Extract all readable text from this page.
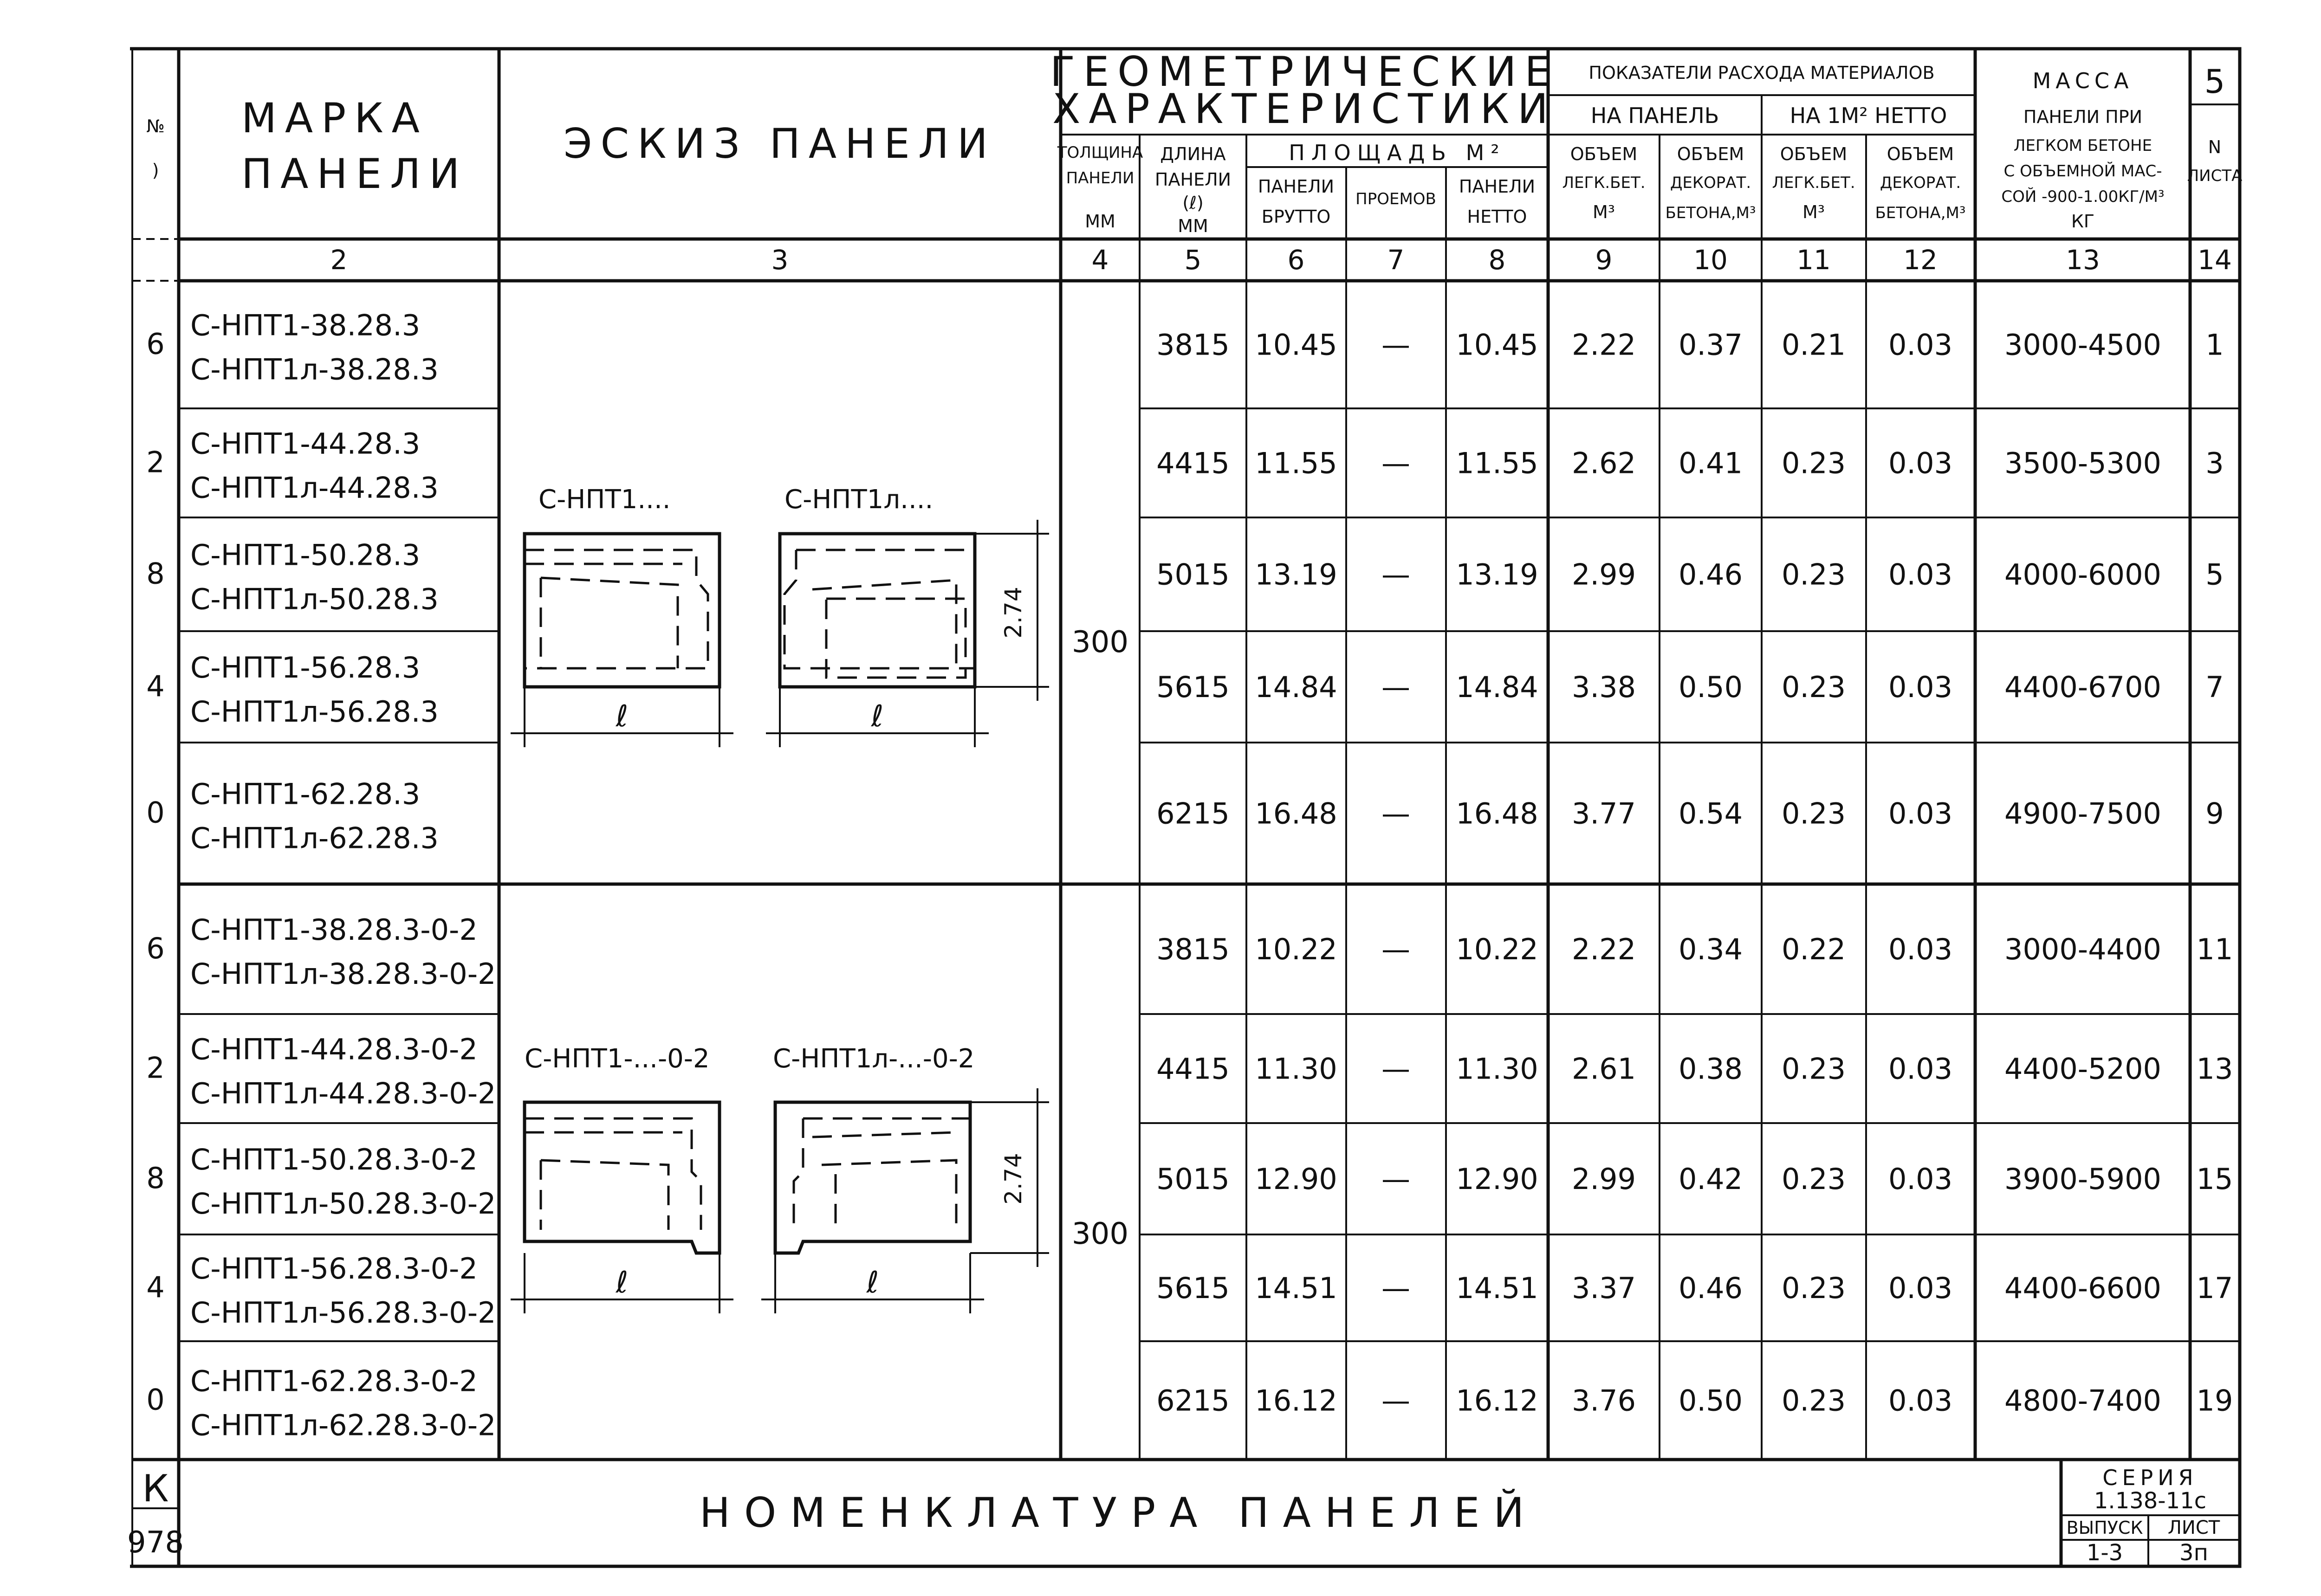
МАРКА
ПАНЕЛИ
ЭСКИЗ ПАНЕЛИ
ГЕОМЕТРИЧЕСКИЕ
ХАРАКТЕРИСТИКИ
ТОЛЩИНА
ПАНЕЛИ
ММ
ДЛИНА
ПАНЕЛИ
(ℓ)
ММ
ПЛОЩАДЬ М²
ПАНЕЛИ
БРУТТО
ПРОЕМОВ
ПАНЕЛИ
НЕТТО
ПОКАЗАТЕЛИ РАСХОДА МАТЕРИАЛОВ
НА ПАНЕЛЬ	НА 1М² НЕТТО
ОБЪЕМ
ЛЕГК.БЕТ.
М³
ОБЪЕМ
ДЕКОРАТ.
БЕТОНА,М³
ОБЪЕМ
ЛЕГК.БЕТ.
М³
ОБЪЕМ
ДЕКОРАТ.
БЕТОНА,М³
МАССА
ПАНЕЛИ ПРИ
ЛЕГКОМ БЕТОНЕ
С ОБЪЕМНОЙ МАС-
СОЙ -900-1.00КГ/М³
КГ
5
N
ЛИСТА
2	3	4	5	6	7	8	9	10	11	12	13	14
№
)
К
978
6
2
8
4
0
6
2
8
4
0
С-НПТ1-38.28.3
С-НПТ1л-38.28.3
3815 10.45 — 10.45 2.22 0.37 0.21 0.03 3000-4500 1
С-НПТ1-44.28.3
С-НПТ1л-44.28.3
4415 11.55 — 11.55 2.62 0.41 0.23 0.03 3500-5300 3
С-НПТ1-50.28.3
С-НПТ1л-50.28.3
5015 13.19 — 13.19 2.99 0.46 0.23 0.03 4000-6000 5
С-НПТ1-56.28.3
С-НПТ1л-56.28.3
5615 14.84 — 14.84 3.38 0.50 0.23 0.03 4400-6700 7
С-НПТ1-62.28.3
С-НПТ1л-62.28.3
6215 16.48 — 16.48 3.77 0.54 0.23 0.03 4900-7500 9
С-НПТ1-38.28.3-0-2
С-НПТ1л-38.28.3-0-2
3815 10.22 — 10.22 2.22 0.34 0.22 0.03 3000-4400 11
С-НПТ1-44.28.3-0-2
С-НПТ1л-44.28.3-0-2
4415 11.30 — 11.30 2.61 0.38 0.23 0.03 4400-5200 13
С-НПТ1-50.28.3-0-2
С-НПТ1л-50.28.3-0-2
5015 12.90 — 12.90 2.99 0.42 0.23 0.03 3900-5900 15
С-НПТ1-56.28.3-0-2
С-НПТ1л-56.28.3-0-2
5615 14.51 — 14.51 3.37 0.46 0.23 0.03 4400-6600 17
С-НПТ1-62.28.3-0-2
С-НПТ1л-62.28.3-0-2
6215 16.12 — 16.12 3.76 0.50 0.23 0.03 4800-7400 19
300
300
С-НПТ1....	С-НПТ1л....
2.74
ℓ	ℓ
С-НПТ1-...-0-2 С-НПТ1л-...-0-2
2.74
ℓ	ℓ
НОМЕНКЛАТУРА ПАНЕЛЕЙ
СЕРИЯ
1.138-11с
ВЫПУСК
1-3
ЛИСТ
3п
